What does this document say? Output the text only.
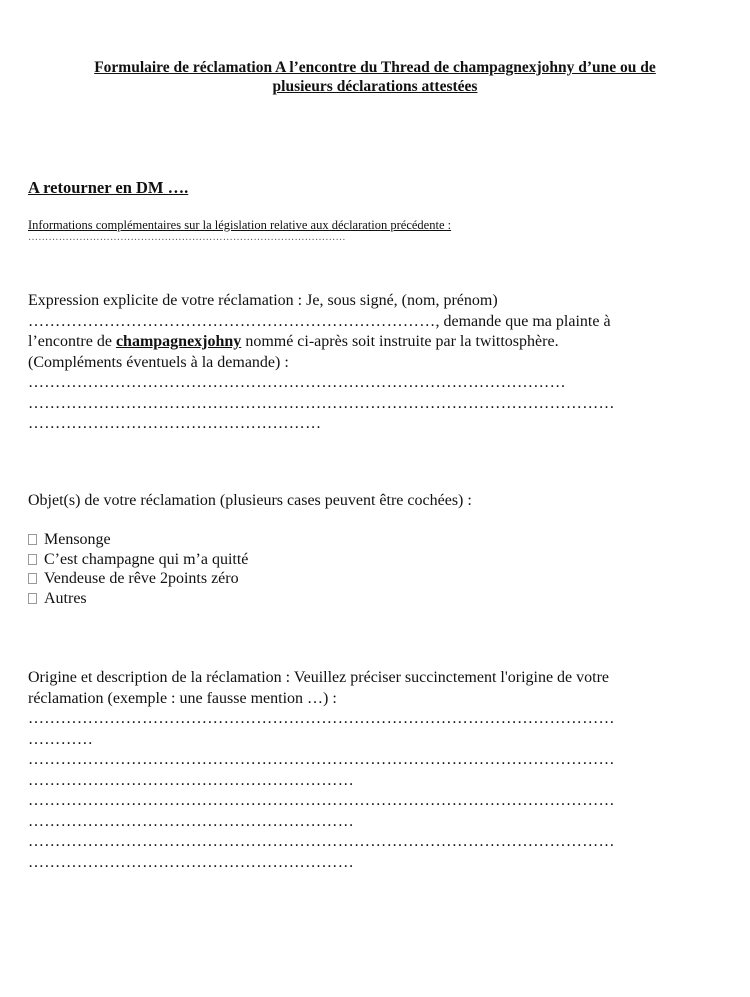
Formulaire de réclamation A l’encontre du Thread de champagnexjohny d’une ou de
plusieurs déclarations attestées
A retourner en DM ….
Informations complémentaires sur la législation relative aux déclaration précédente :
…………………………………………………………………………………
Expression explicite de votre réclamation : Je, sous signé, (nom, prénom)
…………………………………………………………………, demande que ma plainte à
l’encontre de champagnexjohny nommé ci-après soit instruite par la twittosphère.
(Compléments éventuels à la demande) :
………………………………………………………………………………………
………………………………………………………………………………………………
………………………………………………
Objet(s) de votre réclamation (plusieurs cases peuvent être cochées) :
Mensonge
C’est champagne qui m’a quitté
Vendeuse de rêve 2points zéro
Autres
Origine et description de la réclamation : Veuillez préciser succinctement l'origine de votre
réclamation (exemple : une fausse mention …) :
………………………………………………………………………………………………
…………
………………………………………………………………………………………………
……………………………………………………
………………………………………………………………………………………………
……………………………………………………
………………………………………………………………………………………………
……………………………………………………
